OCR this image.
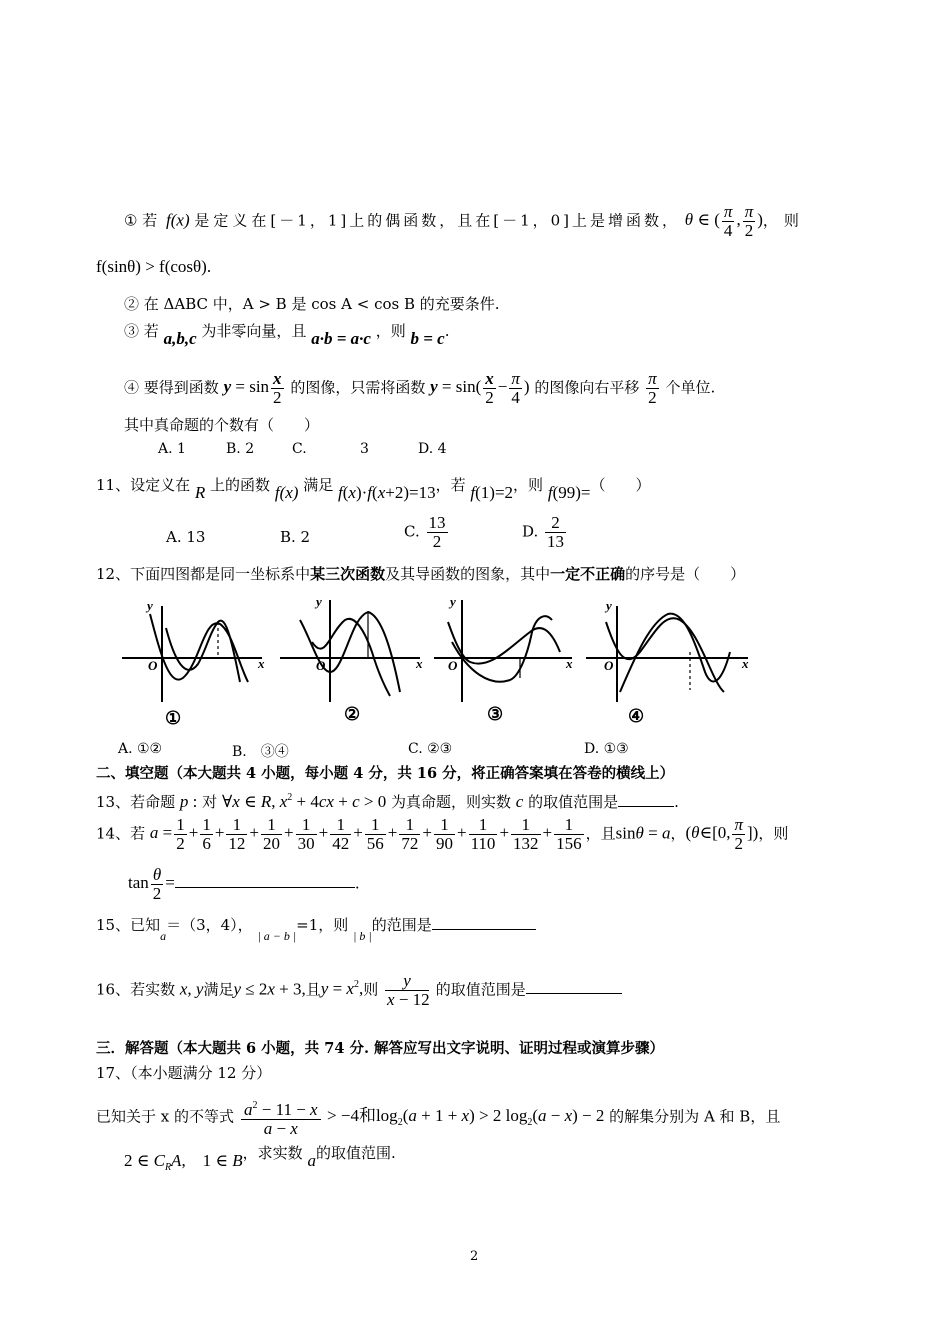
① 若 f(x) 是定义在[－1，1]上的偶函数，且在[－1，0]上是增函数， θ ∈ ( $\frac{\pi}{4}$ , $\frac{\pi}{2}$ )，则
f(sinθ) > f(cosθ).
② 在 ΔABC 中，A > B 是 cos A < cos B 的充要条件.
③ 若 a,b,c 为非零向量，且 a·b = a·c ，则 b = c.
④ 要得到函数 $y = \sin \frac{x}{2}$ 的图像，只需将函数 $y = \sin( \frac{x}{2} - \frac{\pi}{4}$ ) 的图像向右平移 $\frac{\pi}{2}$ 个单位.
其中真命题的个数有（　　）
A. 1	B. 2	C.	3	D. 4
11、设定义在 R 上的函数 f(x) 满足 f(x)·f(x+2)=13，若 f(1)=2，则 f(99)=（　　）
A. 13	B. 2	C. $\frac{13}{2}$	D. $\frac{2}{13}$
12、下面四图都是同一坐标系中某三次函数及其导函数的图象，其中一定不正确的序号是（　　）
y
O	x
y
O	x
y
O	x
y
O	x
①	②	③	④
A. ①②	B.　③④	C. ②③	D. ①③
二、填空题（本大题共 4 小题，每小题 4 分，共 16 分，将正确答案填在答卷的横线上）
13、若命题 p : 对 ∀x ∈ R, $x^2 + 4cx + c > 0$ 为真命题，则实数 c 的取值范围是	.
14、若 $a = \frac{1}{2} + \frac{1}{6} + \frac{1}{12} + \frac{1}{20} + \frac{1}{30} + \frac{1}{42} + \frac{1}{56} + \frac{1}{72} + \frac{1}{90} + \frac{1}{110} + \frac{1}{132} + \frac{1}{156}$ ，且sinθ = a，(θ∈[0, $\frac{\pi}{2}$ ])，则
$\tan \frac{\theta}{2}$ =	.
15、已知$_a$＝（3，4）， $_{| a - b |}$=1，则 $_{| b |}$的范围是
16、若实数 x, y满足y ≤ 2x + 3,且$y = x^2$,则 $\frac{y}{x - 12}$ 的取值范围是
三．解答题（本大题共 6 小题，共 74 分. 解答应写出文字说明、证明过程或演算步骤）
17、（本小题满分 12 分）
已知关于 x 的不等式 $\frac{a^2 - 11 - x}{a - x} > -4$和$\log_2(a + 1 + x) > 2$ $\log_2(a - x) - 2$ 的解集分别为 A 和 B，且
2 ∈ $C_RA$,　1 ∈ B，求实数 a的取值范围.
2
